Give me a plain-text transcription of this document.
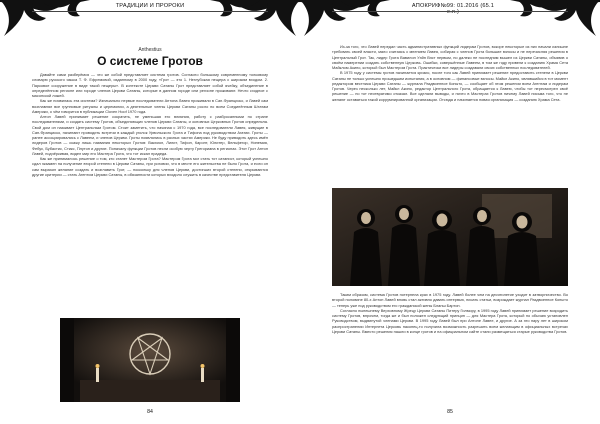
ТРАДИЦИИ И ПРОРОКИ
Anthestius
О системе Гротов

Давайте сами разберёмся — что же собой представляет система гротов. Согласно большому современному толковому словарю русского языка Т. Ф. Ефремовой, изданному в 2000 году, «Грот — это 1. Неглубокая пещера с широким входом. 2. Парковое сооружение в виде такой пещеры». В контексте Церкви Сатаны Грот представляет собой ячейку, объединение в определённом регионе или городе членов Церкви Сатаны, которые в данном городе или регионе проживают. Нечто сходное с масонской ложей.

Как же появилась эта система? Изначально первые последователи Антона Лавея проживали в Сан-Франциско, и Лавей сам возглавлял все групповые ритуалы и церемонии, а деятельные члены Церкви Сатаны росло по всем Соединённым Штатам Америки, о чём говорится в публикации Cloven Hoof 1970 года.

Антон Лавей принимает решение сократить, не уменьшая его влияния, работу с разбросанными по стране последователями, и создать систему Гротов, объединяющих членов Церкви Сатаны, и основных Церковных Гротов определяла. Свой дом он называет Центральным Гротом. Стоит заметить, что начиная с 1970 года, все последователи Лавея, живущие в Сан-Франциско, начинают проводить встречи в каждый уголок Урвильского Грота и Тифона под руководством Агатии. Гроты — ранее ассоциировались с Лавеем, и членов Церкви. Гроты появлялись в разных частях Америки. Не буду приводить здесь имён лидеров Гротов — скажу лишь названия некоторых Гротов: Вакхиол, Лилит, Тифон, Каронт, Юпитер, Вельфегор, Нинемия, Фебус, Бубастис, Стикс, Плутон и другие. Поначалу функции Гротов несли особую черту Грегориана в регионах. Этот Грот Антон Лавей, подчёркивая, видел мир его Мастера Грота, что тот искал прадеда.

Как же принималось решение о том, кто станет Мастером Грота? Мастером Грота мог стать тот сатанист, который успешно сдал экзамен на получение второй степени в Церкви Сатаны, при условии, что в месте его жительства не было Грота, и если он сам выразил желание создать и возглавить Грот, — поскольку для членов Церкви, достигших второй степени, открываются другие критерии — стать Агентом Церкви Сатаны, в обязанности которых входило служить в качестве представителя Церкви.

84
АПОКРИФ№99: 01.2016 (65.1 e.n.)

Из-за того, что Лавей передал часть административных функций лидерам Гротов, вскоре некоторые из них начали излишне требовать своей власти, мало считаясь с мнением Лавея, собирая с членов Грота большие взносы и не перечисляя решения в Центральный Грот. Так, лидер Грота Вавилон Уэйн Вэст первым, но далеко не последним вышел из Церкви Сатаны, объявив о своём намерении создать собственную Церковь. Ошибки, совершённые Лавеем, в том же году привели к созданию Храма Сета Майклом Акино, который был Мастером Грота. Практически все лидеры создавали своих собственных последователей.

В 1975 году у системы гротов начинается кризис, после того как Лавей принимает решение предоставить степени в Церкви Сатаны не только успешно прошедшим испытания, а в основном — финансовые взносы. Майкл Акино, являвшийся в тот момент редактором вестника Церкви Сатаны — журнала Раздвоенное Копыто, — сообщает об этом решении всем Агентам и лидерам Гротов. Через несколько лет, Майкл Акино, редактор Центрального Грота, обращается к Лавею, чтобы тот пересмотрел своё решение — но тот неотвратимо отказал. Все сделали выводы, и ничто в Мастерах Гротов ничему Лавей письма того, что не желают оставаться такой коррумпированной организации. Отсюда и начинается новая организация — созданию Храма Сета.

Таким образом, система Гротов потерпела крах в 1975 году. Лавей более чем на десятилетие уходит в затворничество. Во второй половине 80-х Антон Лавей вновь стал активно давать интервью, писать статьи, возрождает журнал Раздвоенное Копыто — теперь уже под руководством его гражданской жены Бланш Бартон.

Согласно нынешнему Верховному Жрецу Церкви Сатаны Питеру Гилмору, в 1995 году Лавей принимает решение возродить систему Гротов, впрочем, тогда же и был положен следующий принцип — для Мастера Грота, который по обычаю установлен Руководством, выдвинутой членами Церкви. В 1995 году Лавей был при Антоне Лавее, и другие. А за это пару лет в широком распространении Интернета Церковь наконец-то получила возможность разрешить всем желающим в официальных встречах Церкви Сатаны. Вместо решения нашли в конце гротов и на официальном сайте стали размещаться старые руководства Гротов.

85
